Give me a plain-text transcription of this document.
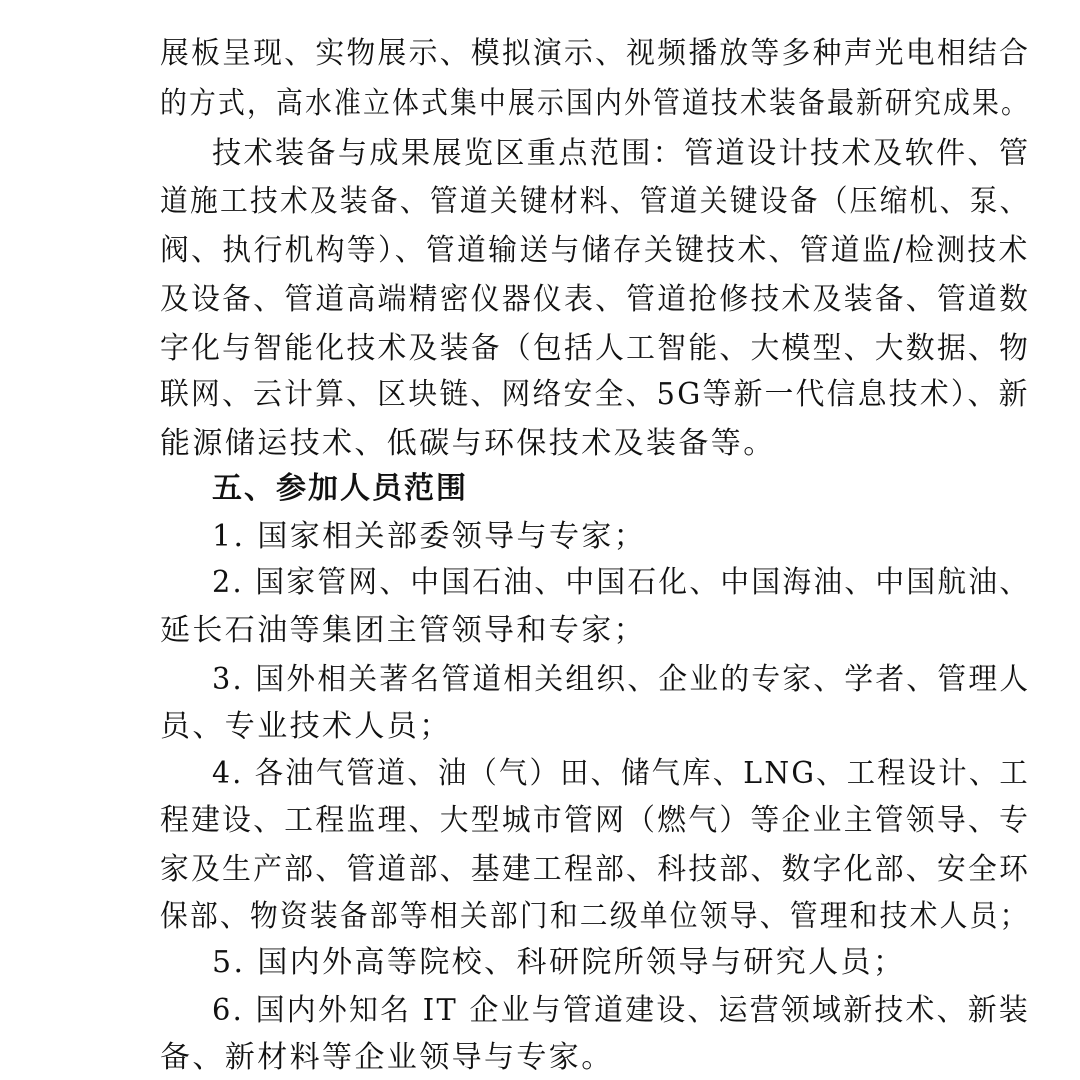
展板呈现、实物展示、模拟演示、视频播放等多种声光电相结合
的方式，高水准立体式集中展示国内外管道技术装备最新研究成果。
技术装备与成果展览区重点范围：管道设计技术及软件、管
道施工技术及装备、管道关键材料、管道关键设备（压缩机、泵、
阀、执行机构等）、管道输送与储存关键技术、管道监/检测技术
及设备、管道高端精密仪器仪表、管道抢修技术及装备、管道数
字化与智能化技术及装备（包括人工智能、大模型、大数据、物
联网、云计算、区块链、网络安全、5G等新一代信息技术）、新
能源储运技术、低碳与环保技术及装备等。
五、参加人员范围
1. 国家相关部委领导与专家；
2. 国家管网、中国石油、中国石化、中国海油、中国航油、
延长石油等集团主管领导和专家；
3. 国外相关著名管道相关组织、企业的专家、学者、管理人
员、专业技术人员；
4. 各油气管道、油（气）田、储气库、LNG、工程设计、工
程建设、工程监理、大型城市管网（燃气）等企业主管领导、专
家及生产部、管道部、基建工程部、科技部、数字化部、安全环
保部、物资装备部等相关部门和二级单位领导、管理和技术人员；
5. 国内外高等院校、科研院所领导与研究人员；
6. 国内外知名 IT 企业与管道建设、运营领域新技术、新装
备、新材料等企业领导与专家。
